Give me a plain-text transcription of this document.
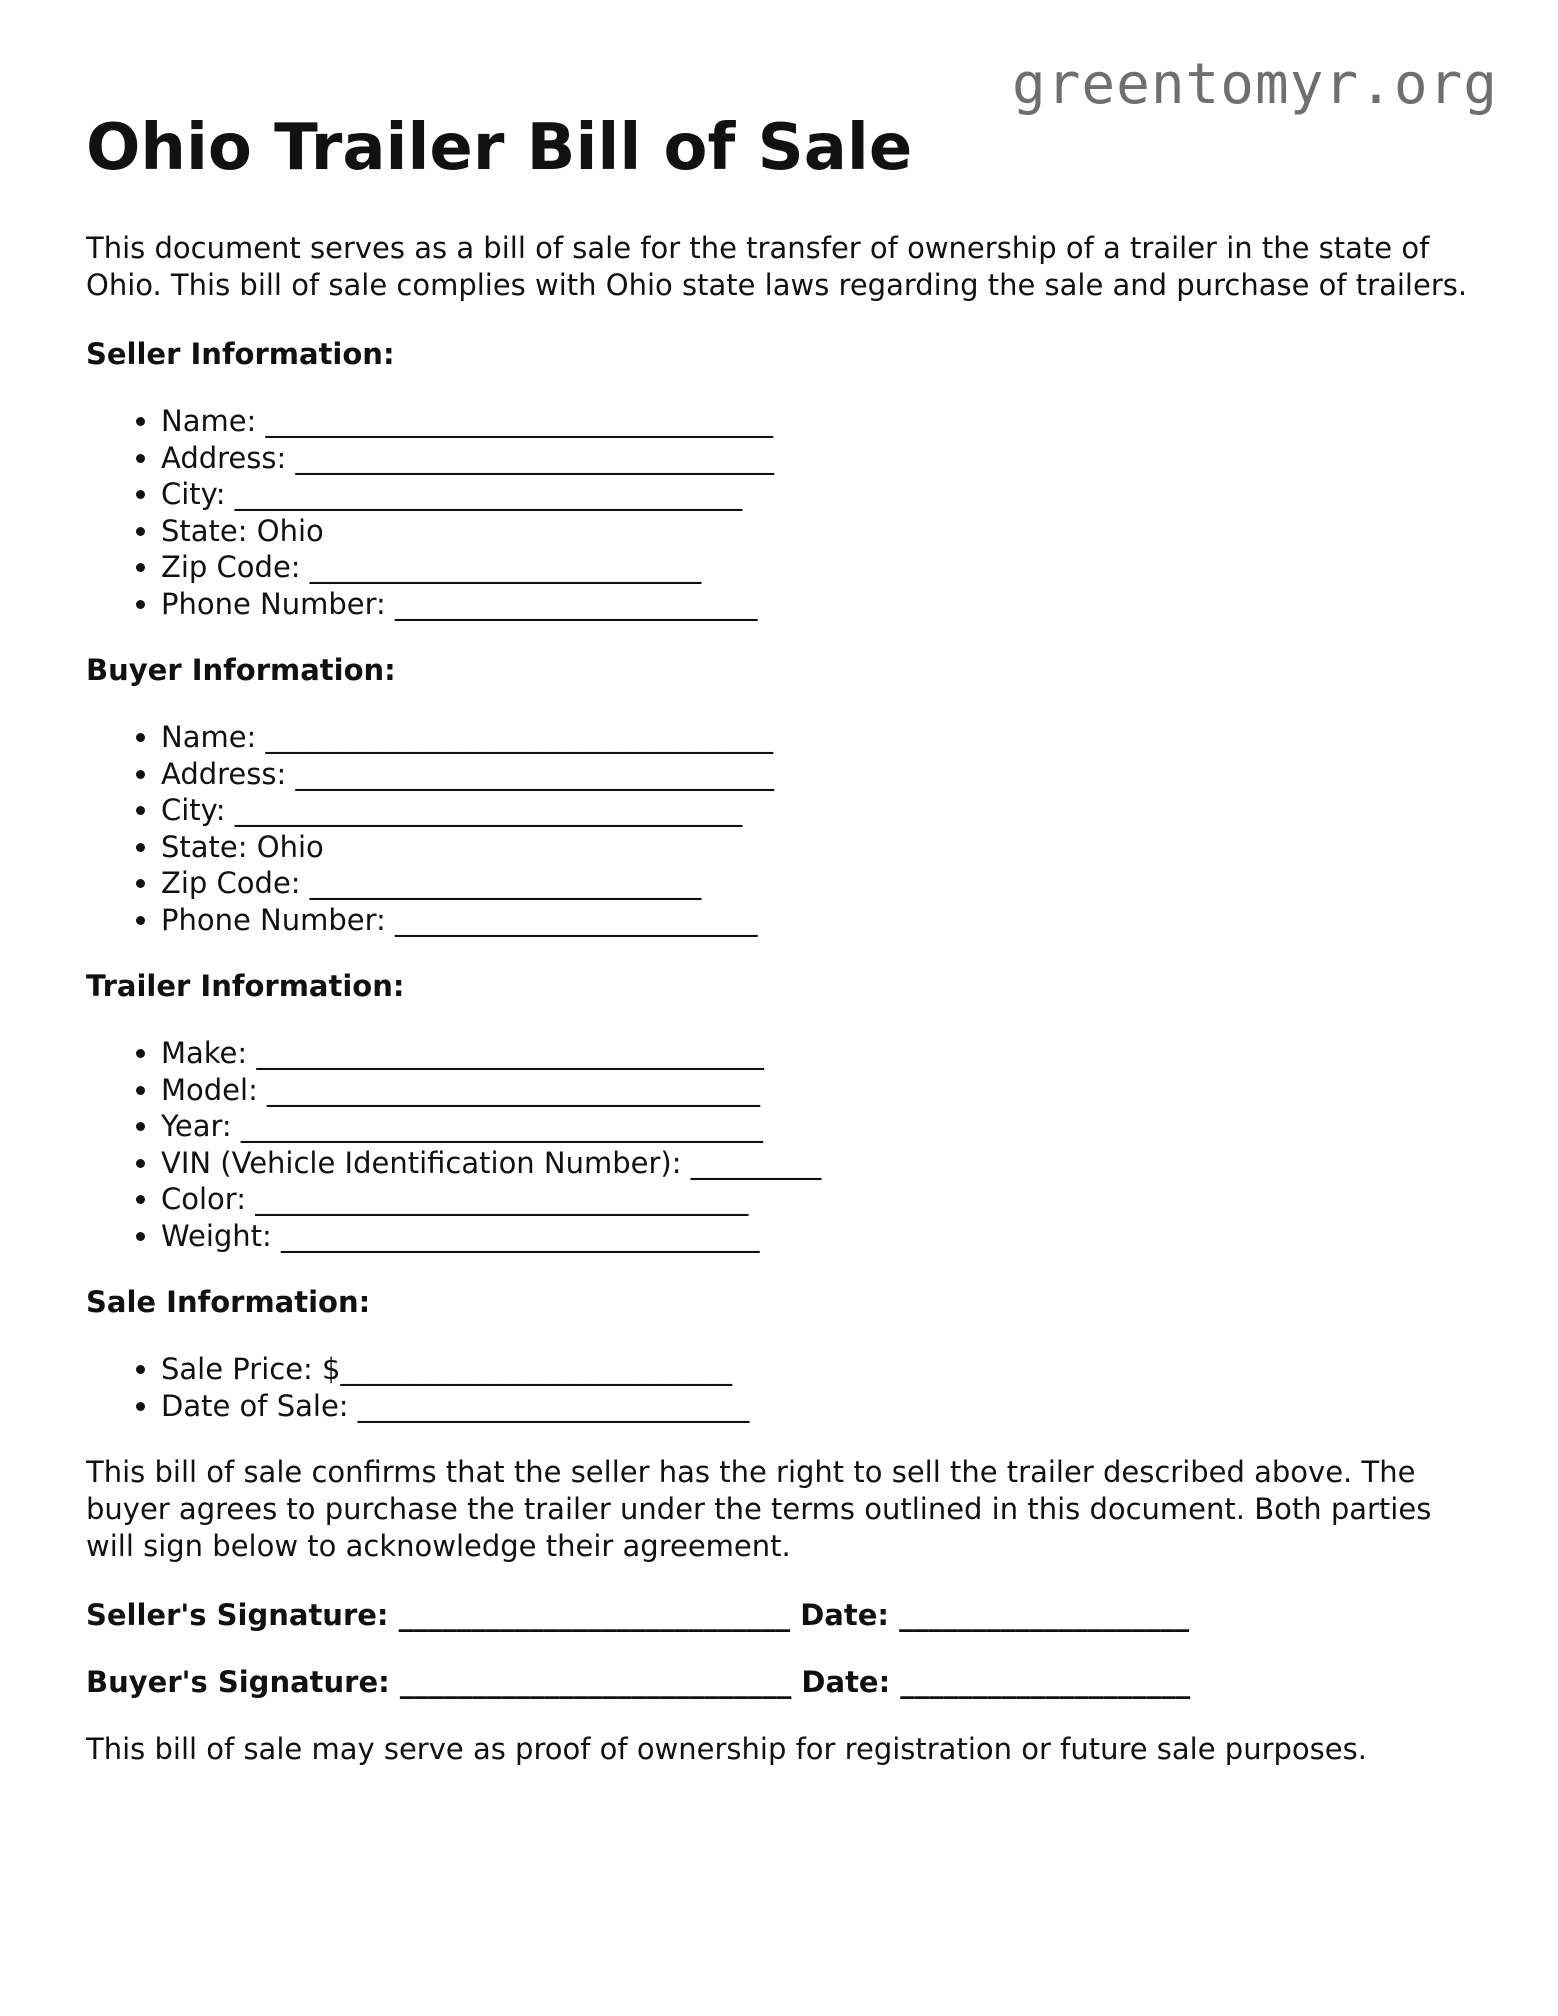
greentomyr.org

Ohio Trailer Bill of Sale

This document serves as a bill of sale for the transfer of ownership of a trailer in the state of Ohio. This bill of sale complies with Ohio state laws regarding the sale and purchase of trailers.

Seller Information:

• Name: ___________________________________
• Address: _________________________________
• City: ___________________________________
• State: Ohio
• Zip Code: ___________________________
• Phone Number: _________________________

Buyer Information:

• Name: ___________________________________
• Address: _________________________________
• City: ___________________________________
• State: Ohio
• Zip Code: ___________________________
• Phone Number: _________________________

Trailer Information:

• Make: ___________________________________
• Model: __________________________________
• Year: ____________________________________
• VIN (Vehicle Identification Number): _________
• Color: __________________________________
• Weight: _________________________________

Sale Information:

• Sale Price: $___________________________
• Date of Sale: ___________________________

This bill of sale confirms that the seller has the right to sell the trailer described above. The buyer agrees to purchase the trailer under the terms outlined in this document. Both parties will sign below to acknowledge their agreement.

Seller's Signature: ___________________________ Date: ____________________

Buyer's Signature: ___________________________ Date: ____________________

This bill of sale may serve as proof of ownership for registration or future sale purposes.
